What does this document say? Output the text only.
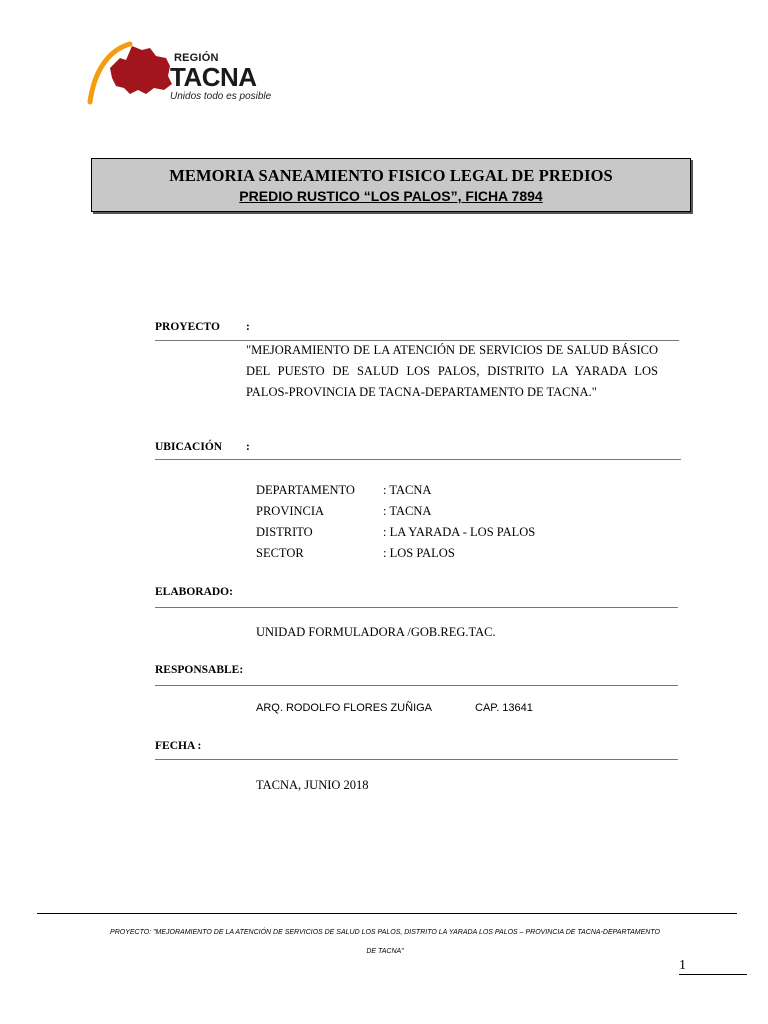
REGIÓN
TACNA
Unidos todo es posible
MEMORIA SANEAMIENTO FISICO LEGAL DE PREDIOS
PREDIO RUSTICO “LOS PALOS”, FICHA 7894
PROYECTO :
"MEJORAMIENTO DE LA ATENCIÓN DE SERVICIOS DE SALUD BÁSICO DEL PUESTO DE SALUD LOS PALOS, DISTRITO LA YARADA LOS PALOS-PROVINCIA DE TACNA-DEPARTAMENTO DE TACNA."
UBICACIÓN :
DEPARTAMENTO : TACNA
PROVINCIA	: TACNA
DISTRITO	: LA YARADA - LOS PALOS
SECTOR	: LOS PALOS
ELABORADO:
UNIDAD FORMULADORA /GOB.REG.TAC.
RESPONSABLE:
ARQ. RODOLFO FLORES ZUÑIGA	CAP. 13641
FECHA :
TACNA, JUNIO 2018
PROYECTO: "MEJORAMIENTO DE LA ATENCIÓN DE SERVICIOS DE SALUD LOS PALOS, DISTRITO LA YARADA LOS PALOS – PROVINCIA DE TACNA-DEPARTAMENTO
DE TACNA"
1
